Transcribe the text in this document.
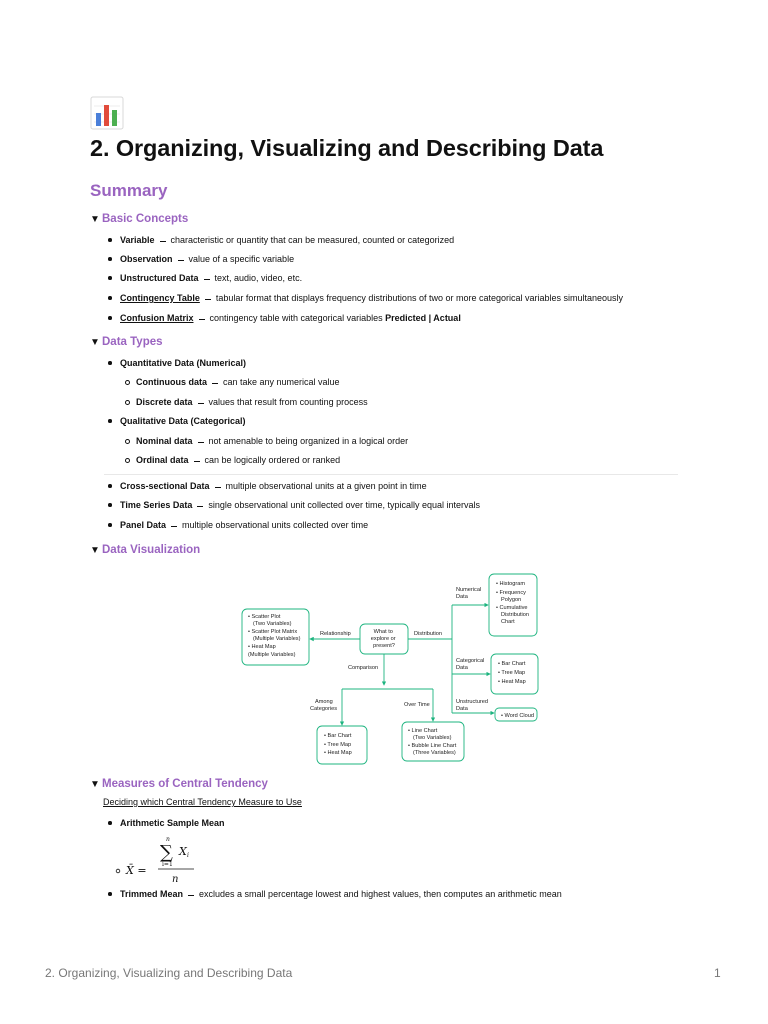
2. Organizing, Visualizing and Describing Data
Summary
▼ Basic Concepts
Variable characteristic or quantity that can be measured, counted or categorized
Observation value of a specific variable
Unstructured Data text, audio, video, etc.
Contingency Table tabular format that displays frequency distributions of two or more categorical variables simultaneously
Confusion Matrix contingency table with categorical variables Predicted | Actual
▼ Data Types
Quantitative Data (Numerical)
Continuous data can take any numerical value
Discrete data values that result from counting process
Qualitative Data (Categorical)
Nominal data not amenable to being organized in a logical order
Ordinal data can be logically ordered or ranked
Cross-sectional Data multiple observational units at a given point in time
Time Series Data single observational unit collected over time, typically equal intervals
Panel Data multiple observational units collected over time
▼ Data Visualization
What to explore or present?
Relationship	Distribution
Comparison
• Scatter Plot (Two Variables) • Scatter Plot Matrix (Multiple Variables) • Heat Map (Multiple Variables)
Numerical Data
• Histogram • Frequency Polygon • Cumulative Distribution Chart
Categorical Data
• Bar Chart • Tree Map • Heat Map
Unstructured Data
• Word Cloud
Among Categories
Over Time
• Bar Chart • Tree Map • Heat Map
• Line Chart (Two Variables) • Bubble Line Chart (Three Variables)
▼ Measures of Central Tendency
Deciding which Central Tendency Measure to Use
Arithmetic Sample Mean
X̄ =
n
∑
i=1
X i
n
Trimmed Mean excludes a small percentage lowest and highest values, then computes an arithmetic mean
2. Organizing, Visualizing and Describing Data	1
